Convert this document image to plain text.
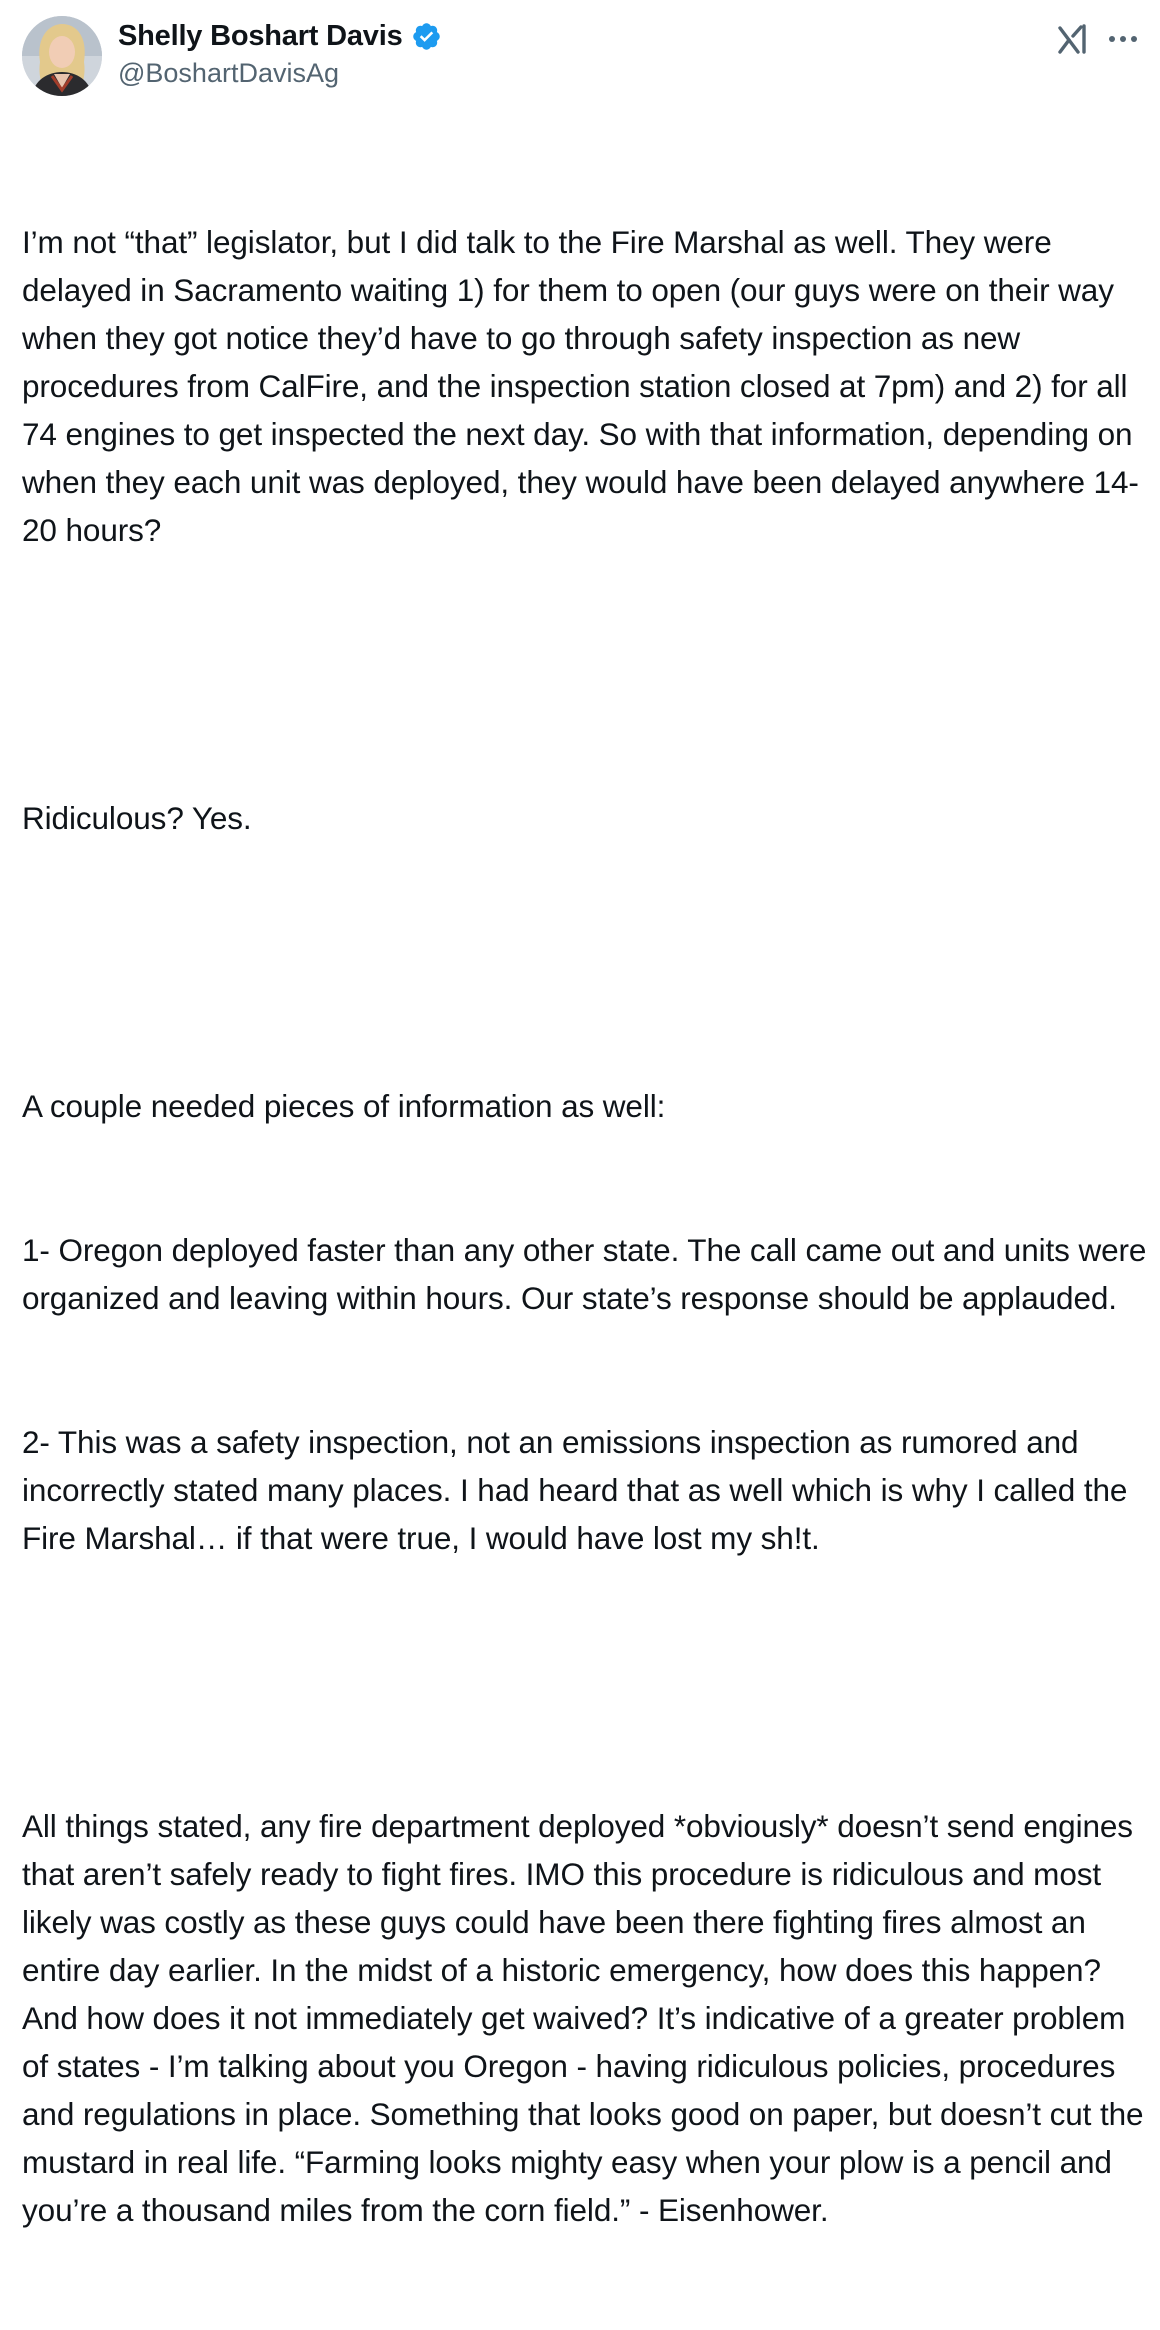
Shelly Boshart Davis
@BoshartDavisAg

I’m not “that” legislator, but I did talk to the Fire Marshal as well. They were delayed in Sacramento waiting 1) for them to open (our guys were on their way when they got notice they’d have to go through safety inspection as new procedures from CalFire, and the inspection station closed at 7pm) and 2) for all 74 engines to get inspected the next day. So with that information, depending on when they each unit was deployed, they would have been delayed anywhere 14-20 hours?

Ridiculous? Yes.

A couple needed pieces of information as well:

1- Oregon deployed faster than any other state. The call came out and units were organized and leaving within hours. Our state’s response should be applauded.

2- This was a safety inspection, not an emissions inspection as rumored and incorrectly stated many places. I had heard that as well which is why I called the Fire Marshal… if that were true, I would have lost my sh!t.

All things stated, any fire department deployed *obviously* doesn’t send engines that aren’t safely ready to fight fires. IMO this procedure is ridiculous and most likely was costly as these guys could have been there fighting fires almost an entire day earlier. In the midst of a historic emergency, how does this happen? And how does it not immediately get waived? It’s indicative of a greater problem of states - I’m talking about you Oregon - having ridiculous policies, procedures and regulations in place. Something that looks good on paper, but doesn’t cut the mustard in real life. “Farming looks mighty easy when your plow is a pencil and you’re a thousand miles from the corn field.” - Eisenhower.
